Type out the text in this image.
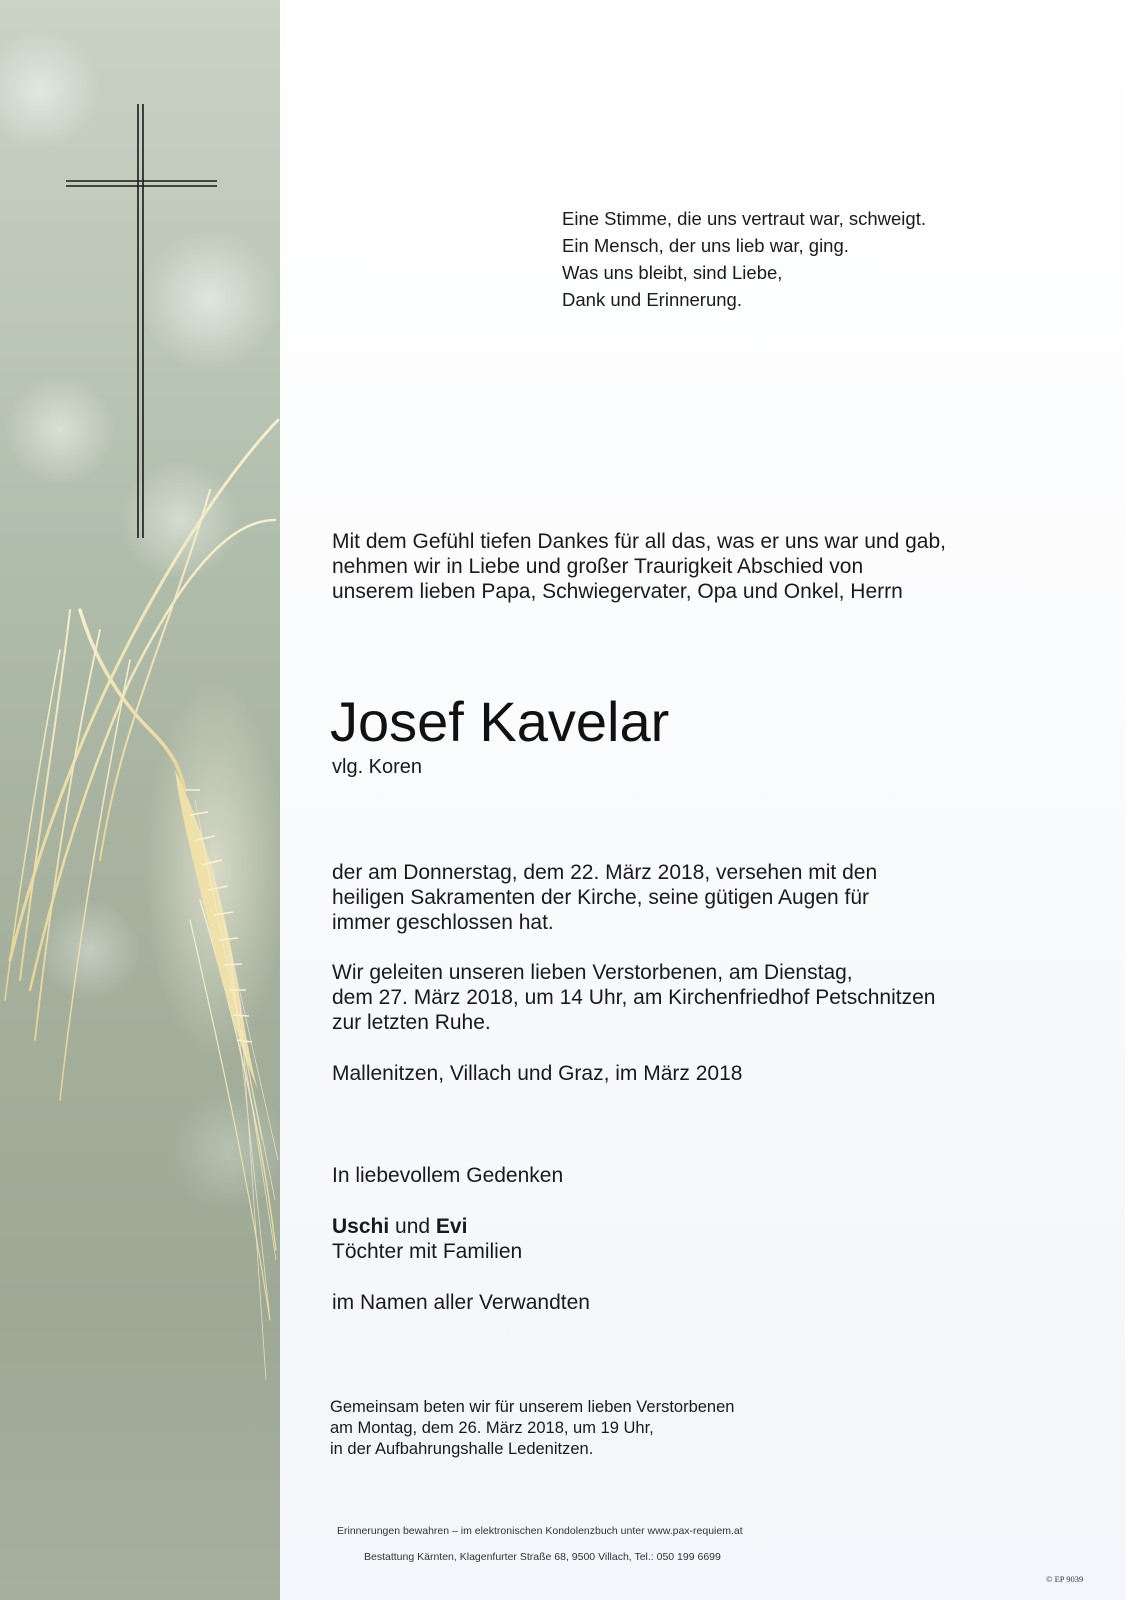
Eine Stimme, die uns vertraut war, schweigt.
Ein Mensch, der uns lieb war, ging.
Was uns bleibt, sind Liebe,
Dank und Erinnerung.
Mit dem Gefühl tiefen Dankes für all das, was er uns war und gab,
nehmen wir in Liebe und großer Traurigkeit Abschied von
unserem lieben Papa, Schwiegervater, Opa und Onkel, Herrn
Josef Kavelar
vlg. Koren
der am Donnerstag, dem 22. März 2018, versehen mit den
heiligen Sakramenten der Kirche, seine gütigen Augen für
immer geschlossen hat.
Wir geleiten unseren lieben Verstorbenen, am Dienstag,
dem 27. März 2018, um 14 Uhr, am Kirchenfriedhof Petschnitzen
zur letzten Ruhe.
Mallenitzen, Villach und Graz, im März 2018
In liebevollem Gedenken
Uschi und Evi
Töchter mit Familien
im Namen aller Verwandten
Gemeinsam beten wir für unserem lieben Verstorbenen
am Montag, dem 26. März 2018, um 19 Uhr,
in der Aufbahrungshalle Ledenitzen.
Erinnerungen bewahren – im elektronischen Kondolenzbuch unter www.pax-requiem.at
Bestattung Kärnten, Klagenfurter Straße 68, 9500 Villach, Tel.: 050 199 6699
© EP 9039
